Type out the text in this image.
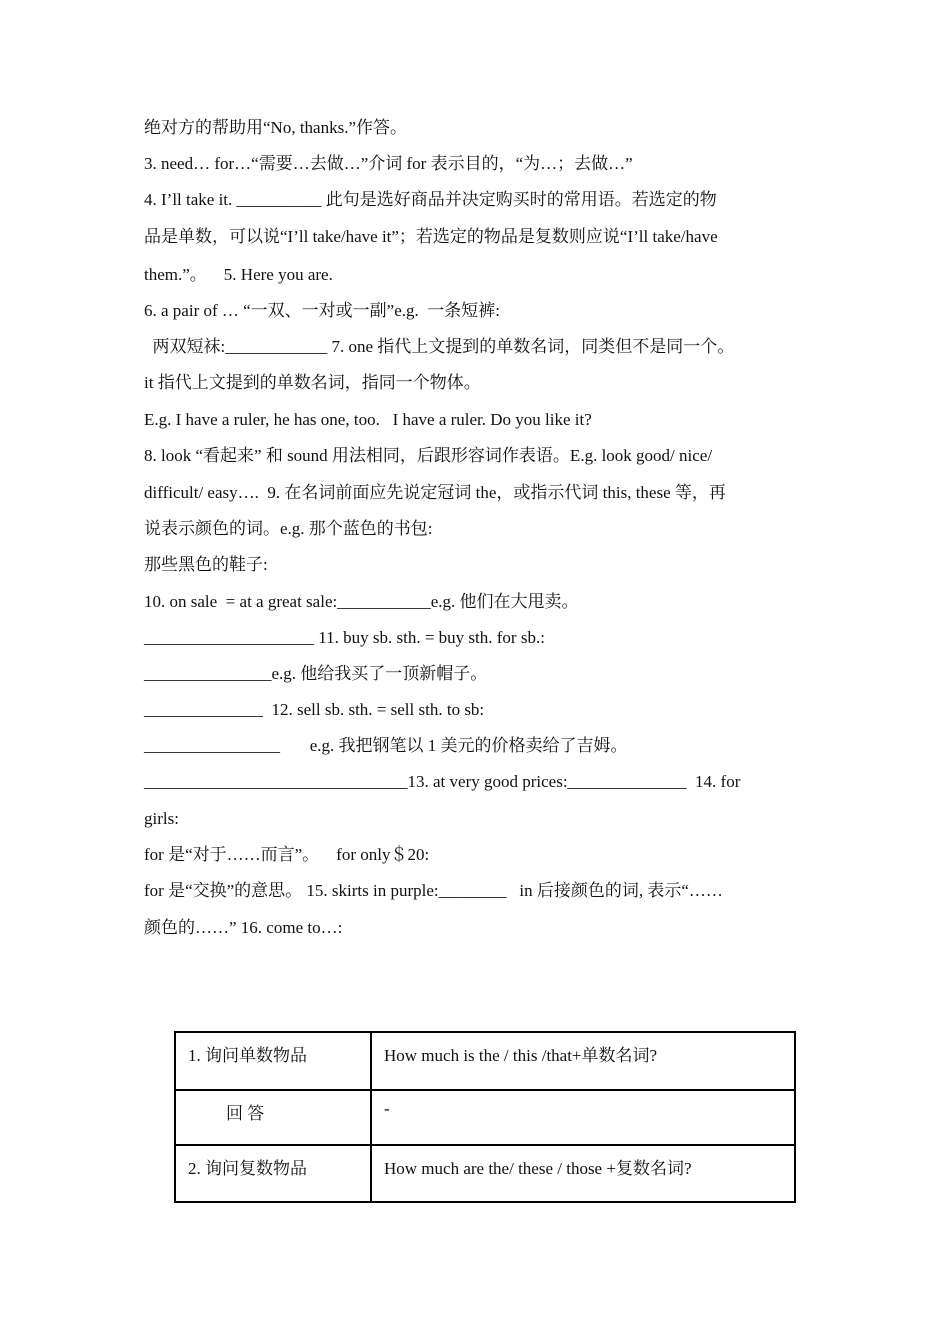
绝对方的帮助用“No, thanks.”作答。
3. need… for…“需要…去做…”介词 for 表示目的，“为…；去做…”
4. I’ll take it. __________ 此句是选好商品并决定购买时的常用语。若选定的物
品是单数，可以说“I’ll take/have it”；若选定的物品是复数则应说“I’ll take/have
them.”。    5. Here you are.
6. a pair of … “一双、一对或一副”e.g.  一条短裤:
两双短袜:____________ 7. one 指代上文提到的单数名词，同类但不是同一个。
it 指代上文提到的单数名词，指同一个物体。
E.g. I have a ruler, he has one, too.   I have a ruler. Do you like it?
8. look “看起来” 和 sound 用法相同，后跟形容词作表语。E.g. look good/ nice/
difficult/ easy….  9. 在名词前面应先说定冠词 the，或指示代词 this, these 等，再
说表示颜色的词。e.g. 那个蓝色的书包:
那些黑色的鞋子:
10. on sale  = at a great sale:___________e.g. 他们在大甩卖。
____________________ 11. buy sb. sth. = buy sth. for sb.:
_______________e.g. 他给我买了一顶新帽子。
______________  12. sell sb. sth. = sell sth. to sb:
________________       e.g. 我把钢笔以 1 美元的价格卖给了吉姆。
_______________________________13. at very good prices:______________  14. for
girls:
for 是“对于……而言”。    for only＄20:
for 是“交换”的意思。 15. skirts in purple:________   in 后接颜色的词, 表示“……
颜色的……” 16. come to…:
1. 询问单数物品	How much is the / this /that+单数名词?
回 答	-
2. 询问复数物品	How much are the/ these / those +复数名词?
